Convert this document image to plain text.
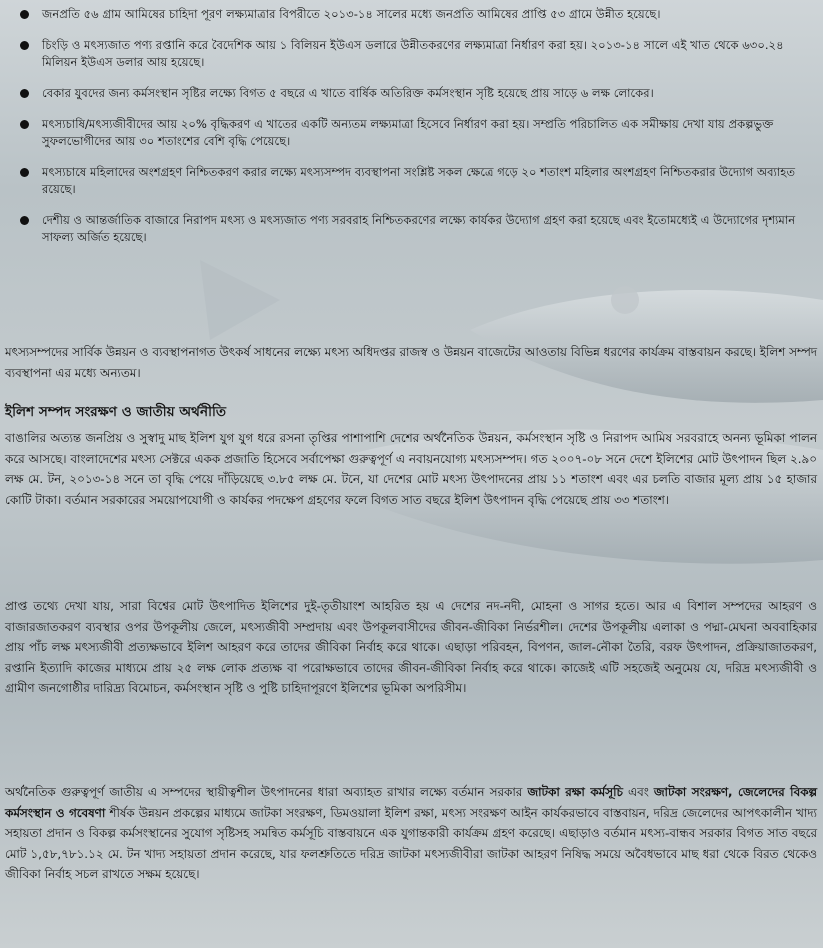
জনপ্রতি ৫৬ গ্রাম আমিষের চাহিদা পূরণ লক্ষ্যমাত্রার বিপরীতে ২০১৩-১৪ সালের মধ্যে জনপ্রতি আমিষের প্রাপ্তি ৫৩ গ্রামে উন্নীত হয়েছে।
চিংড়ি ও মৎস্যজাত পণ্য রপ্তানি করে বৈদেশিক আয় ১ বিলিয়ন ইউএস ডলারে উন্নীতকরণের লক্ষ্যমাত্রা নির্ধারণ করা হয়। ২০১৩-১৪ সালে এই খাত থেকে ৬৩০.২৪ মিলিয়ন ইউএস ডলার আয় হয়েছে।
বেকার যুবদের জন্য কর্মসংস্থান সৃষ্টির লক্ষ্যে বিগত ৫ বছরে এ খাতে বার্ষিক অতিরিক্ত কর্মসংস্থান সৃষ্টি হয়েছে প্রায় সাড়ে ৬ লক্ষ লোকের।
মৎস্যচাষি/মৎস্যজীবীদের আয় ২০% বৃদ্ধিকরণ এ খাতের একটি অন্যতম লক্ষ্যমাত্রা হিসেবে নির্ধারণ করা হয়। সম্প্রতি পরিচালিত এক সমীক্ষায় দেখা যায় প্রকল্পভুক্ত সুফলভোগীদের আয় ৩০ শতাংশের বেশি বৃদ্ধি পেয়েছে।
মৎস্যচাষে মহিলাদের অংশগ্রহণ নিশ্চিতকরণ করার লক্ষ্যে মৎস্যসম্পদ ব্যবস্থাপনা সংশ্লিষ্ট সকল ক্ষেত্রে গড়ে ২০ শতাংশ মহিলার অংশগ্রহণ নিশ্চিতকরার উদ্যোগ অব্যাহত রয়েছে।
দেশীয় ও আন্তর্জাতিক বাজারে নিরাপদ মৎস্য ও মৎস্যজাত পণ্য সরবরাহ নিশ্চিতকরণের লক্ষ্যে কার্যকর উদ্যোগ গ্রহণ করা হয়েছে এবং ইতোমধ্যেই এ উদ্যোগের দৃশ্যমান সাফল্য অর্জিত হয়েছে।

মৎস্যসম্পদের সার্বিক উন্নয়ন ও ব্যবস্থাপনাগত উৎকর্ষ সাধনের লক্ষ্যে মৎস্য অধিদপ্তর রাজস্ব ও উন্নয়ন বাজেটের আওতায় বিভিন্ন ধরণের কার্যক্রম বাস্তবায়ন করছে। ইলিশ সম্পদ ব্যবস্থাপনা এর মধ্যে অন্যতম।

ইলিশ সম্পদ সংরক্ষণ ও জাতীয় অর্থনীতি

বাঙালির অত্যন্ত জনপ্রিয় ও সুস্বাদু মাছ ইলিশ যুগ যুগ ধরে রসনা তৃপ্তির পাশাপাশি দেশের অর্থনৈতিক উন্নয়ন, কর্মসংস্থান সৃষ্টি ও নিরাপদ আমিষ সরবরাহে অনন্য ভূমিকা পালন করে আসছে। বাংলাদেশের মৎস্য সেক্টরে একক প্রজাতি হিসেবে সর্বাপেক্ষা গুরুত্বপূর্ণ এ নবায়নযোগ্য মৎস্যসম্পদ। গত ২০০৭-০৮ সনে দেশে ইলিশের মোট উৎপাদন ছিল ২.৯০ লক্ষ মে. টন, ২০১৩-১৪ সনে তা বৃদ্ধি পেয়ে দাঁড়িয়েছে ৩.৮৫ লক্ষ মে. টনে, যা দেশের মোট মৎস্য উৎপাদনের প্রায় ১১ শতাংশ এবং এর চলতি বাজার মূল্য প্রায় ১৫ হাজার কোটি টাকা। বর্তমান সরকারের সময়োপযোগী ও কার্যকর পদক্ষেপ গ্রহণের ফলে বিগত সাত বছরে ইলিশ উৎপাদন বৃদ্ধি পেয়েছে প্রায় ৩৩ শতাংশ।

প্রাপ্ত তথ্যে দেখা যায়, সারা বিশ্বের মোট উৎপাদিত ইলিশের দুই-তৃতীয়াংশ আহরিত হয় এ দেশের নদ-নদী, মোহনা ও সাগর হতে। আর এ বিশাল সম্পদের আহরণ ও বাজারজাতকরণ ব্যবস্থার ওপর উপকূলীয় জেলে, মৎস্যজীবী সম্প্রদায় এবং উপকূলবাসীদের জীবন-জীবিকা নির্ভরশীল। দেশের উপকূলীয় এলাকা ও পদ্মা-মেঘনা অববাহিকার প্রায় পাঁচ লক্ষ মৎস্যজীবী প্রত্যক্ষভাবে ইলিশ আহরণ করে তাদের জীবিকা নির্বাহ করে থাকে। এছাড়া পরিবহন, বিপণন, জাল-নৌকা তৈরি, বরফ উৎপাদন, প্রক্রিয়াজাতকরণ, রপ্তানি ইত্যাদি কাজের মাধ্যমে প্রায় ২৫ লক্ষ লোক প্রত্যক্ষ বা পরোক্ষভাবে তাদের জীবন-জীবিকা নির্বাহ করে থাকে। কাজেই এটি সহজেই অনুমেয় যে, দরিদ্র মৎস্যজীবী ও গ্রামীণ জনগোষ্ঠীর দারিদ্র্য বিমোচন, কর্মসংস্থান সৃষ্টি ও পুষ্টি চাহিদাপূরণে ইলিশের ভূমিকা অপরিসীম।

অর্থনৈতিক গুরুত্বপূর্ণ জাতীয় এ সম্পদের স্থায়ীত্বশীল উৎপাদনের ধারা অব্যাহত রাখার লক্ষ্যে বর্তমান সরকার জাটকা রক্ষা কর্মসূচি এবং জাটকা সংরক্ষণ, জেলেদের বিকল্প কর্মসংস্থান ও গবেষণা শীর্ষক উন্নয়ন প্রকল্পের মাধ্যমে জাটকা সংরক্ষণ, ডিমওয়ালা ইলিশ রক্ষা, মৎস্য সংরক্ষণ আইন কার্যকরভাবে বাস্তবায়ন, দরিদ্র জেলেদের আপৎকালীন খাদ্য সহায়তা প্রদান ও বিকল্প কর্মসংস্থানের সুযোগ সৃষ্টিসহ সমন্বিত কর্মসূচি বাস্তবায়নে এক যুগান্তকারী কার্যক্রম গ্রহণ করেছে। এছাড়াও বর্তমান মৎস্য-বান্ধব সরকার বিগত সাত বছরে মোট ১,৫৮,৭৮১.১২ মে. টন খাদ্য সহায়তা প্রদান করেছে, যার ফলশ্রুতিতে দরিদ্র জাটকা মৎস্যজীবীরা জাটকা আহরণ নিষিদ্ধ সময়ে অবৈধভাবে মাছ ধরা থেকে বিরত থেকেও জীবিকা নির্বাহ সচল রাখতে সক্ষম হয়েছে।
